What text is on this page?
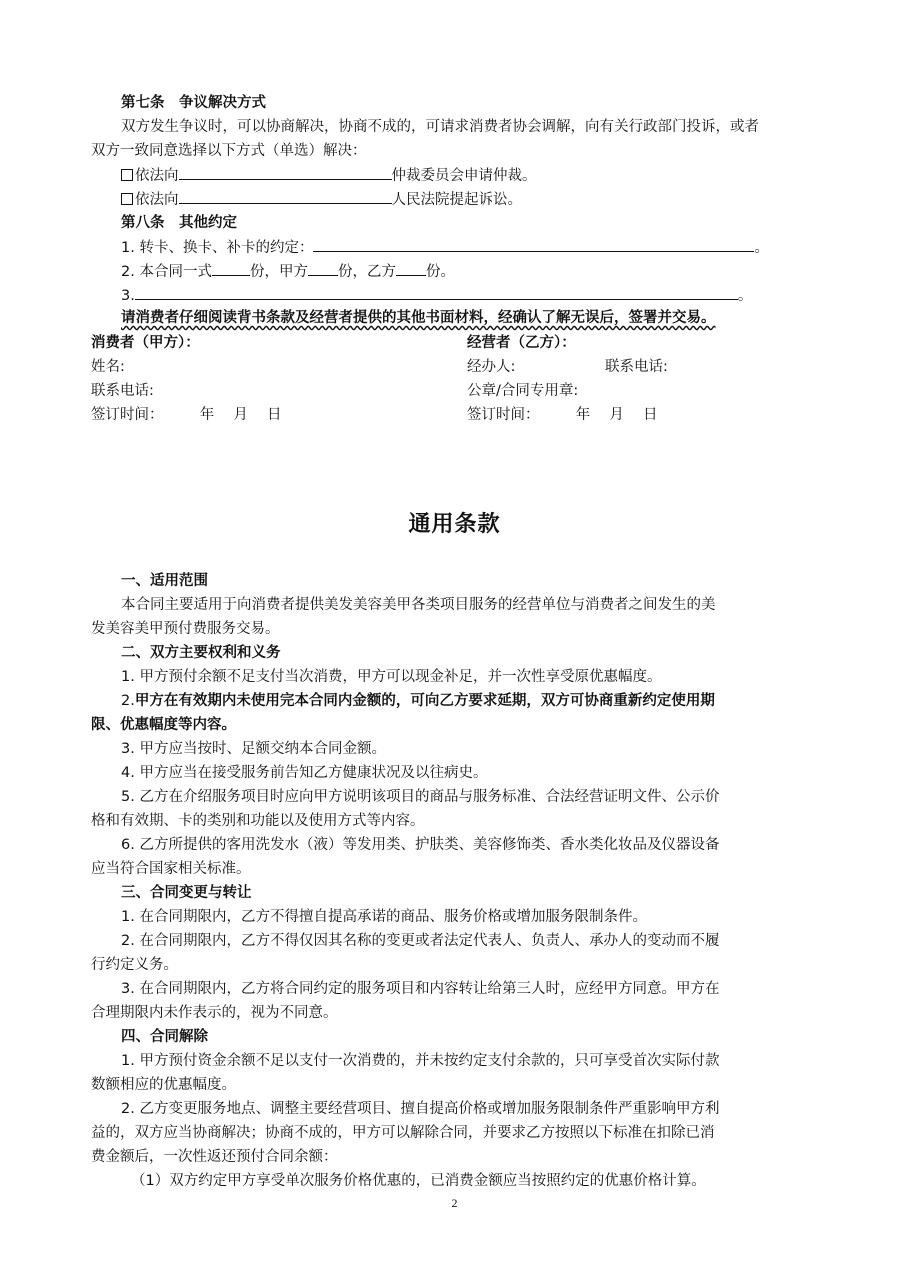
第七条　争议解决方式
双方发生争议时，可以协商解决，协商不成的，可请求消费者协会调解，向有关行政部门投诉，或者
双方一致同意选择以下方式（单选）解决：
依法向	仲裁委员会申请仲裁。
依法向	人民法院提起诉讼。
第八条　其他约定
1. 转卡、换卡、补卡的约定：	。
2. 本合同一式	份，甲方 份，乙方 份。
3.	。
请消费者仔细阅读背书条款及经营者提供的其他书面材料，经确认了解无误后，签署并交易。
消费者（甲方）：
姓名:
联系电话:
签订时间：　　　年　 月　 日
经营者（乙方）：
经办人:	联系电话:
公章/合同专用章:
签订时间：　　　年　 月　 日
通用条款
一、适用范围
本合同主要适用于向消费者提供美发美容美甲各类项目服务的经营单位与消费者之间发生的美
发美容美甲预付费服务交易。
二、双方主要权利和义务
1. 甲方预付余额不足支付当次消费，甲方可以现金补足，并一次性享受原优惠幅度。
2.甲方在有效期内未使用完本合同内金额的，可向乙方要求延期，双方可协商重新约定使用期
限、优惠幅度等内容。
3. 甲方应当按时、足额交纳本合同金额。
4. 甲方应当在接受服务前告知乙方健康状况及以往病史。
5. 乙方在介绍服务项目时应向甲方说明该项目的商品与服务标准、合法经营证明文件、公示价
格和有效期、卡的类别和功能以及使用方式等内容。
6. 乙方所提供的客用洗发水（液）等发用类、护肤类、美容修饰类、香水类化妆品及仪器设备
应当符合国家相关标准。
三、合同变更与转让
1. 在合同期限内，乙方不得擅自提高承诺的商品、服务价格或增加服务限制条件。
2. 在合同期限内，乙方不得仅因其名称的变更或者法定代表人、负责人、承办人的变动而不履
行约定义务。
3. 在合同期限内，乙方将合同约定的服务项目和内容转让给第三人时，应经甲方同意。甲方在
合理期限内未作表示的，视为不同意。
四、合同解除
1. 甲方预付资金余额不足以支付一次消费的，并未按约定支付余款的，只可享受首次实际付款
数额相应的优惠幅度。
2. 乙方变更服务地点、调整主要经营项目、擅自提高价格或增加服务限制条件严重影响甲方利
益的，双方应当协商解决；协商不成的，甲方可以解除合同，并要求乙方按照以下标准在扣除已消
费金额后，一次性返还预付合同余额：
（1）双方约定甲方享受单次服务价格优惠的，已消费金额应当按照约定的优惠价格计算。
2
